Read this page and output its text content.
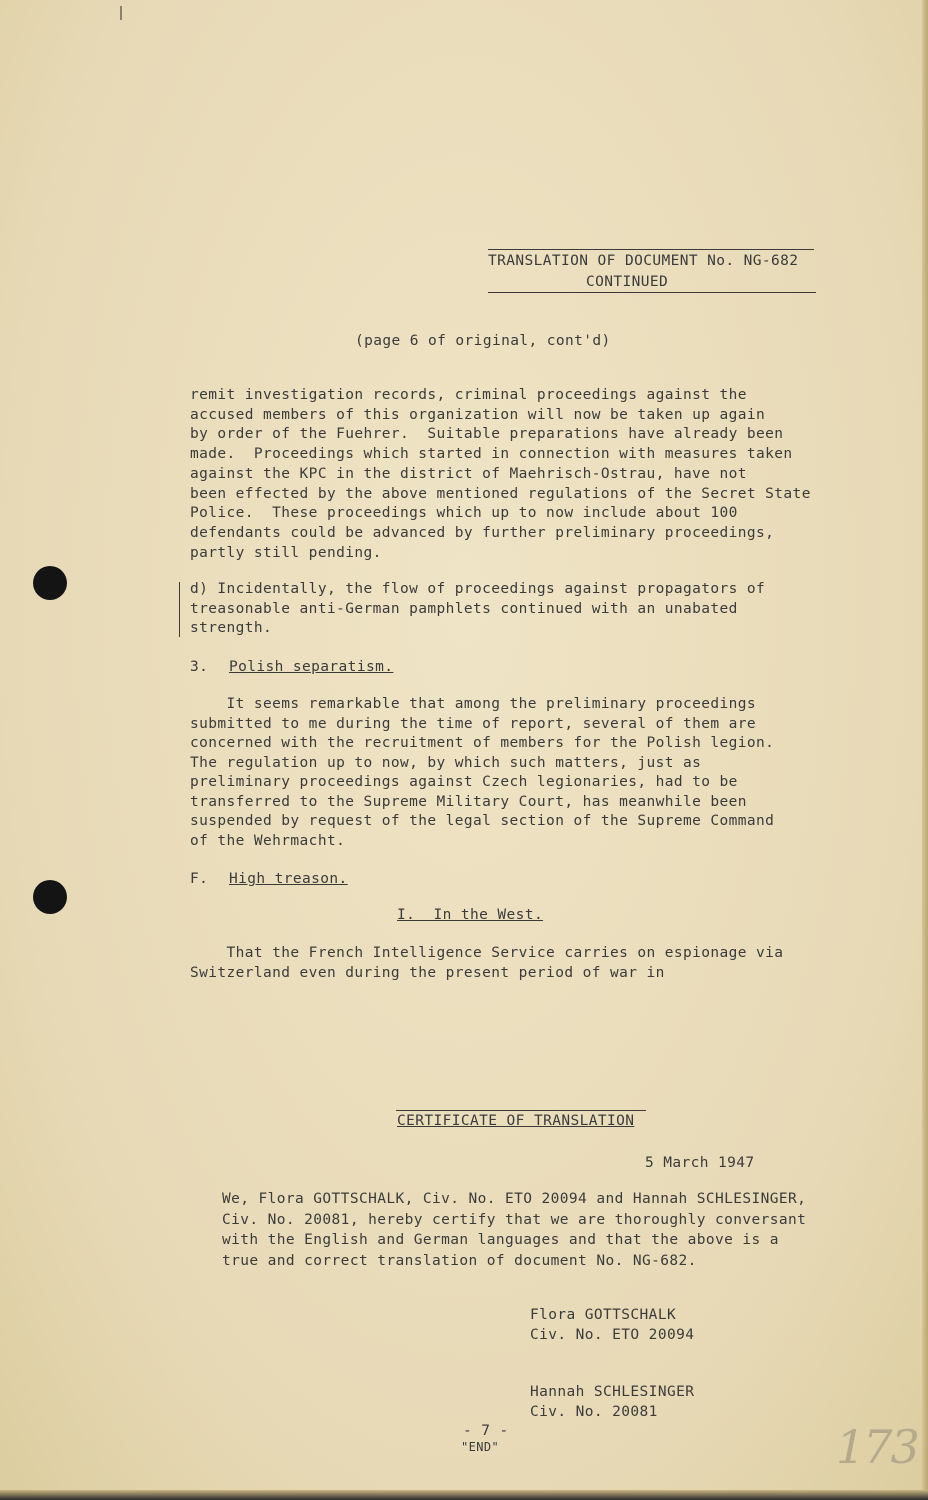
TRANSLATION OF DOCUMENT No. NG-682
CONTINUED
(page 6 of original, cont'd)
remit investigation records, criminal proceedings against the
accused members of this organization will now be taken up again
by order of the Fuehrer.  Suitable preparations have already been
made.  Proceedings which started in connection with measures taken
against the KPC in the district of Maehrisch-Ostrau, have not
been effected by the above mentioned regulations of the Secret State
Police.  These proceedings which up to now include about 100
defendants could be advanced by further preliminary proceedings,
partly still pending.
d) Incidentally, the flow of proceedings against propagators of
treasonable anti-German pamphlets continued with an unabated
strength.
3. Polish separatism.
It seems remarkable that among the preliminary proceedings
submitted to me during the time of report, several of them are
concerned with the recruitment of members for the Polish legion.
The regulation up to now, by which such matters, just as
preliminary proceedings against Czech legionaries, had to be
transferred to the Supreme Military Court, has meanwhile been
suspended by request of the legal section of the Supreme Command
of the Wehrmacht.
F. High treason.
I.  In the West.
That the French Intelligence Service carries on espionage via
Switzerland even during the present period of war in
CERTIFICATE OF TRANSLATION
5 March 1947
We, Flora GOTTSCHALK, Civ. No. ETO 20094 and Hannah SCHLESINGER,
Civ. No. 20081, hereby certify that we are thoroughly conversant
with the English and German languages and that the above is a
true and correct translation of document No. NG-682.
Flora GOTTSCHALK
Civ. No. ETO 20094
Hannah SCHLESINGER
Civ. No. 20081
- 7 -
"END"	173
